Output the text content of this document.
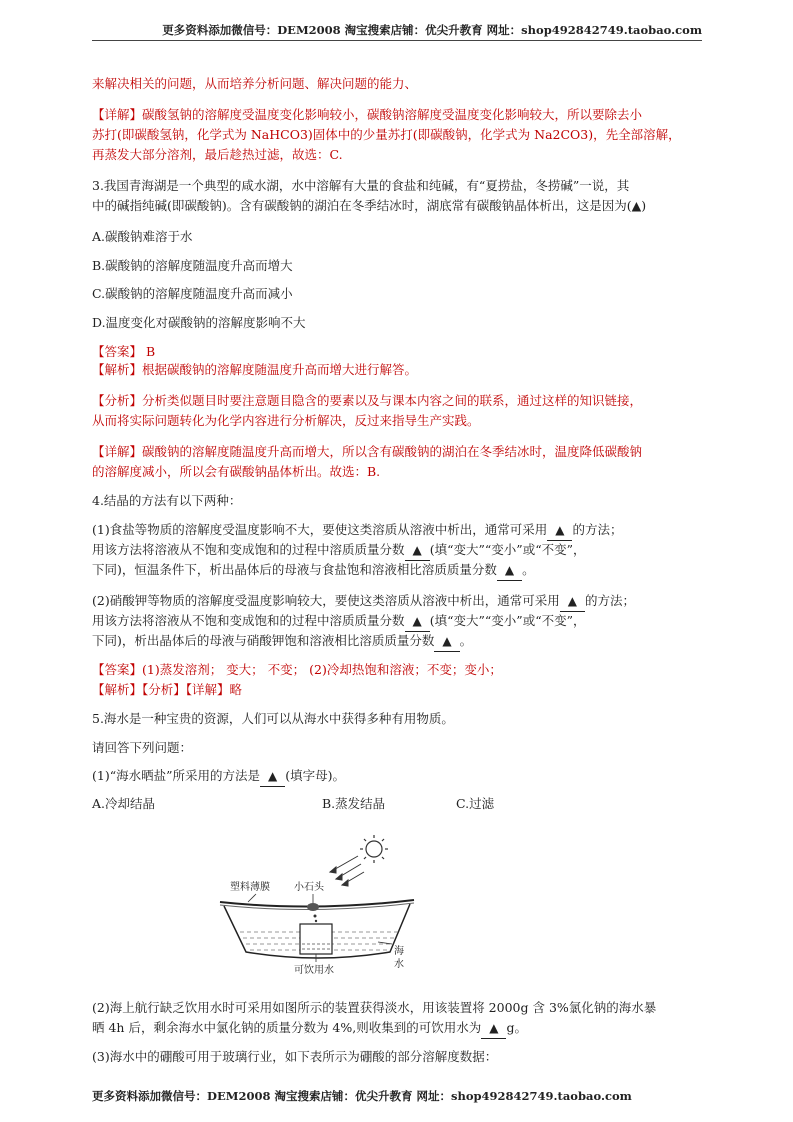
更多资料添加微信号：DEM2008 淘宝搜索店铺：优尖升教育 网址：shop492842749.taobao.com
来解决相关的问题，从而培养分析问题、解决问题的能力、
【详解】碳酸氢钠的溶解度受温度变化影响较小，碳酸钠溶解度受温度变化影响较大，所以要除去小
苏打(即碳酸氢钠，化学式为 NaHCO3)固体中的少量苏打(即碳酸钠，化学式为 Na2CO3)，先全部溶解，
再蒸发大部分溶剂，最后趁热过滤，故选：C.
3.我国青海湖是一个典型的咸水湖，水中溶解有大量的食盐和纯碱，有“夏捞盐，冬捞碱”一说，其
中的碱指纯碱(即碳酸钠)。含有碳酸钠的湖泊在冬季结冰时，湖底常有碳酸钠晶体析出，这是因为(▲)
A.碳酸钠难溶于水
B.碳酸钠的溶解度随温度升高而增大
C.碳酸钠的溶解度随温度升高而减小
D.温度变化对碳酸钠的溶解度影响不大
【答案】 B
【解析】根据碳酸钠的溶解度随温度升高而增大进行解答。
【分析】分析类似题目时要注意题目隐含的要素以及与课本内容之间的联系，通过这样的知识链接，
从而将实际问题转化为化学内容进行分析解决，反过来指导生产实践。
【详解】碳酸钠的溶解度随温度升高而增大，所以含有碳酸钠的湖泊在冬季结冰时，温度降低碳酸钠
的溶解度减小，所以会有碳酸钠晶体析出。故选：B.
4.结晶的方法有以下两种：
(1)食盐等物质的溶解度受温度影响不大，要使这类溶质从溶液中析出，通常可采用 ▲ 的方法；
用该方法将溶液从不饱和变成饱和的过程中溶质质量分数 ▲ (填“变大”“变小”或“不变”，
下同)，恒温条件下，析出晶体后的母液与食盐饱和溶液相比溶质质量分数 ▲ 。
(2)硝酸钾等物质的溶解度受温度影响较大，要使这类溶质从溶液中析出，通常可采用 ▲ 的方法；
用该方法将溶液从不饱和变成饱和的过程中溶质质量分数 ▲ (填“变大”“变小”或“不变”，
下同)，析出晶体后的母液与硝酸钾饱和溶液相比溶质质量分数 ▲ 。
【答案】(1)蒸发溶剂； 变大； 不变； (2)冷却热饱和溶液；不变；变小；
【解析】【分析】【详解】略
5.海水是一种宝贵的资源，人们可以从海水中获得多种有用物质。
请回答下列问题：
(1)“海水晒盐”所采用的方法是 ▲ (填字母)。
A.冷却结晶	B.蒸发结晶	C.过滤
塑料薄膜 小石头
可饮用水
海
水
(2)海上航行缺乏饮用水时可采用如图所示的装置获得淡水，用该装置将 2000g 含 3%氯化钠的海水暴
晒 4h 后，剩余海水中氯化钠的质量分数为 4%,则收集到的可饮用水为 ▲ g。
(3)海水中的硼酸可用于玻璃行业，如下表所示为硼酸的部分溶解度数据：
更多资料添加微信号：DEM2008 淘宝搜索店铺：优尖升教育 网址：shop492842749.taobao.com
